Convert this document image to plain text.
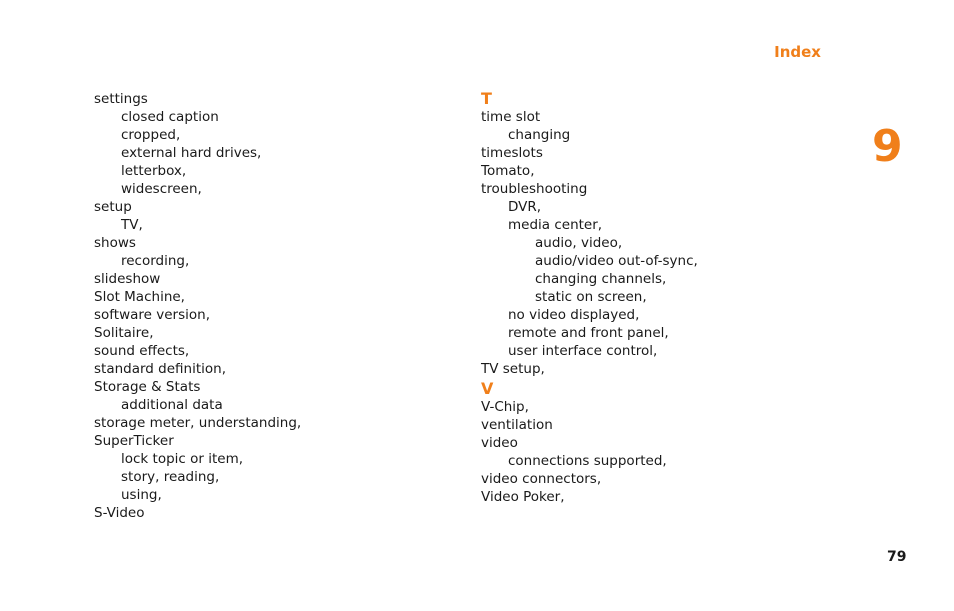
Index
9
79
settings
closed caption
cropped,
external hard drives,
letterbox,
widescreen,
setup
TV,
shows
recording,
slideshow
Slot Machine,
software version,
Solitaire,
sound effects,
standard definition,
Storage & Stats
additional data
storage meter, understanding,
SuperTicker
lock topic or item,
story, reading,
using,
S-Video
T
time slot
changing
timeslots
Tomato,
troubleshooting
DVR,
media center,
audio, video,
audio/video out-of-sync,
changing channels,
static on screen,
no video displayed,
remote and front panel,
user interface control,
TV setup,
V
V-Chip,
ventilation
video
connections supported,
video connectors,
Video Poker,
